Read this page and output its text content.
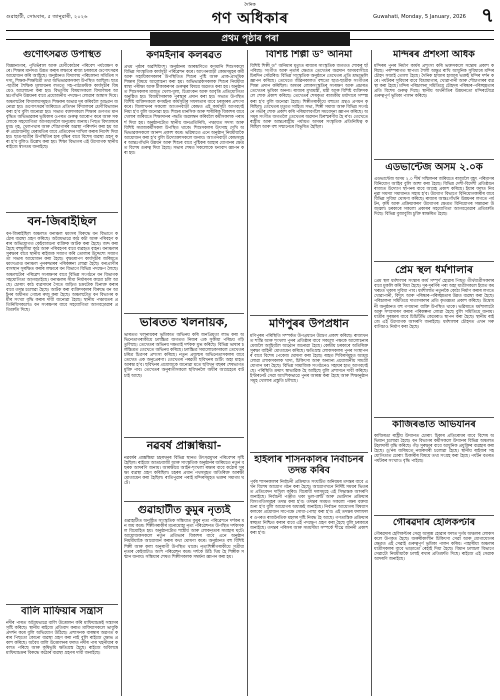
গুৱাহাটী, সোমবাৰ, ৫ জানুৱাৰী, ২০২৬
দৈনিক
গণ অধিকাৰ	Guwahati, Monday, 5 January, 2026 ৭
প্ৰথম পৃষ্ঠাৰ পৰা
গুণোৎসৱত উপস্থিত
বিজ্ঞানাগাৰ, পুথিভঁৰাল আৰু শ্ৰেণীকোঠাৰ পৰিবেশ পৰ্যবেক্ষণ কৰে। শিক্ষাৰ মানদণ্ড উন্নত কৰাৰ লক্ষ্যৰে ৰাজ্য চৰকাৰে গুণোৎসৱৰ আয়োজন কৰি আহিছে। অনুষ্ঠানত বিদ্যালয় পৰিচালনা সমিতিৰ সদস্য, শিক্ষক-শিক্ষয়িত্ৰী তথা অভিভাৱকসকল উপস্থিত আছিল। ছাত্ৰ-ছাত্ৰীৰ শৈক্ষিক মূল্যায়নৰ লগতে সহ-পাঠ্যক্ৰমিক কাৰ্যসূচীৰ বিষয়েও আলোচনা কৰা হয়। বিভাগীয় বিষয়াসকলে বিদ্যালয়ৰ আন্তঃগাঁথনি উন্নয়নৰ বাবে প্ৰয়োজনীয় পদক্ষেপ লোৱাৰ আশ্বাস দিয়ে। অঞ্চলটোৰ বিদ্যালয়সমূহত শিক্ষকৰ অভাৱ দূৰ কৰিবলৈ আহ্বান জনোৱা হয়। গুণোৎসৱৰ জৰিয়তে প্ৰতিখন বিদ্যালয়ৰ শ্ৰেণীবিভাজন কৰা হ'ব বুলি জনোৱা হয়। সভাত বক্তাসকলে শিক্ষাৰ গুণগত মান বৃদ্ধিত অভিভাৱকৰ ভূমিকাৰ ওপৰত গুৰুত্ব আৰোপ কৰে আৰু সকলোকে সহযোগিতা আগবঢ়াবলৈ অনুৰোধ জনায়। পিছত বিদ্যালয়ৰ মুধচ গৃহ, খেলপথাৰ আৰু শৌচাগাৰৰ অৱস্থা পৰিদৰ্শন কৰা হয় আৰু প্ৰয়োজনীয় মেৰামতিৰ বাবে প্ৰতিবেদন দাখিল কৰাৰ নিৰ্দেশ দিয়া হয়। ছাত্ৰ-ছাত্ৰীৰ উপস্থিতিৰ হাৰ বৃদ্ধিৰ বাবে বিশেষ ব্যৱস্থা গ্ৰহণ কৰা হ'ব বুলিও উল্লেখ কৰা হয়। শিক্ষা বিভাগৰ এই উদ্যোগক স্থানীয় ৰাইজে স্বাগতম জনাইছে।
বন-জিৰাইছিল
বন-জিৰাইছিল অঞ্চলত বনাঞ্চল ধ্বংসৰ বিৰুদ্ধে বন বিভাগে কঠোৰ ব্যৱস্থা গ্ৰহণ কৰিছে। অবৈধভাৱে কাঠ কটা আৰু পৰিবহণ কৰাৰ অভিযোগত কেইবাজনো ব্যক্তিক আটক কৰা হৈছে। জব্দ কৰা হৈছে বহুমূলীয়া কাঠ আৰু পৰিবহণৰ বাবে ব্যৱহৃত বাহন। বনাঞ্চলৰ সুৰক্ষাৰ বাবে স্থানীয় ৰাইজক সজাগ কৰি তোলাৰ উদ্দেশ্যে সজাগতা সভাৰ আয়োজন কৰা হৈছে। বৃক্ষৰোপণ কাৰ্যসূচীৰ জৰিয়তে ধ্বংসপ্ৰাপ্ত বনাঞ্চল পুনৰুদ্ধাৰৰ পৰিকল্পনা লোৱা হৈছে। বন্যপ্ৰাণীৰ বাসস্থান সুৰক্ষিত কৰাৰ লক্ষ্যৰে বন বিভাগে বিভিন্ন পদক্ষেপ লৈছে। অঞ্চলটোৰ পৰিৱেশ সংৰক্ষণৰ বাবে বিভিন্ন সংগঠনে বন বিভাগক সহযোগিতা আগবঢ়াইছে। বনাঞ্চলৰ সীমা নিৰ্ধাৰণৰ কামো চলি আছে। চোৰাং কাঠ ব্যৱসায়ৰ সৈতে জড়িত চক্ৰটোক চিনাক্ত কৰাৰ বাবে তদন্ত চলোৱা হৈছে। আটক কৰা ব্যক্তিসকলৰ বিৰুদ্ধে বন আইনৰ অধীনত গোচৰ ৰুজু কৰা হৈছে। অঞ্চলটোত বন বিভাগৰ কৰ্মীৰ সংখ্যা বৃদ্ধি কৰাৰ দাবী জনোৱা হৈছে। স্থানীয় পঞ্চায়তৰ প্ৰতিনিধিসকলেও বন সংৰক্ষণৰ বাবে সহযোগিতা আগবঢ়োৱাৰ প্ৰতিশ্ৰুতি দিছে।
বালি মাফিয়াৰ সন্ত্ৰাস
নদীৰ পাৰত অবৈধভাৱে বালি উত্তোলন কৰি মাফিয়াচক্ৰই সন্ত্ৰাসৰ সৃষ্টি কৰিছে। স্থানীয় ৰাইজে প্ৰতিবাদ কৰাত মাফিয়াসকলে ভাবুকি প্ৰদৰ্শন কৰে বুলি অভিযোগ উঠিছে। প্ৰশাসনক বাৰম্বাৰ অৱগত কৰাৰ পিছতো কোনো ব্যৱস্থা গ্ৰহণ কৰা নাই বুলি ৰাইজে ক্ষোভ প্ৰকাশ কৰিছে। অবৈধ বালি উত্তোলনৰ ফলত নদীৰ পাৰ খহনীয়াৰ কবলত পৰিছে আৰু কৃষিভূমি ক্ষতিগ্ৰস্ত হৈছে। ৰাইজে অবিলম্বে মাফিয়াচক্ৰৰ বিৰুদ্ধে কঠোৰ ব্যৱস্থা গ্ৰহণৰ দাবী জনাইছে।
কণমইনাৰ কলৰৱত
প্ৰথম পৃষ্ঠাৰ অৱশিষ্টাংশ। অনুষ্ঠানৰ আৰম্ভণিতে কণমানি শিশুসকলে বিভিন্ন সাংস্কৃতিক কাৰ্যসূচী পৰিৱেশন কৰে। আংগনবাড়ী কেন্দ্ৰসমূহৰ কৰ্মী আৰু সহায়িকাসকলৰ উপস্থিতিত শিশুৰ পুষ্টি আৰু প্ৰাক-প্ৰাথমিক শিক্ষাৰ বিষয়ে আলোচনা কৰা হয়। অভিভাৱকসকলক শিশুৰ নিয়মীয়া স্বাস্থ্য পৰীক্ষা আৰু টীকাকৰণৰ গুৰুত্বৰ বিষয়ে অৱগত কৰা হয়। অনুষ্ঠানত শিশুসকলৰ মাজত খেলা-ধূলা, চিত্ৰাংকন আৰু আবৃত্তি প্ৰতিযোগিতা অনুষ্ঠিত হয়। বিজয়ীসকলক পুৰস্কাৰ প্ৰদান কৰা হয়। সভাত উপস্থিত বিশিষ্ট ব্যক্তিসকলে কণমইনা কাৰ্যসূচীৰ সফলতাৰ বাবে চৰকাৰৰ প্ৰশংসা কৰে। জিলাখনৰ সকলো আংগনবাড়ী কেন্দ্ৰত এই কাৰ্যসূচী আগবঢ়াই নিয়া হ'ব বুলি জনোৱা হয়। শিশুৰ মানসিক আৰু শাৰীৰিক বিকাশৰ বাবে খেলাৰ জৰিয়তে শিক্ষাদানৰ পদ্ধতি অৱলম্বন কৰিবলৈ কৰ্মীসকলক পৰামৰ্শ দিয়া হয়। অনুষ্ঠানটোত স্থানীয় জনপ্ৰতিনিধি, পঞ্চায়ত সদস্য আৰু বিশিষ্ট সমাজকৰ্মীসকল উপস্থিত থাকে। শিশুসকলৰ উৎসাহ দেখি অভিভাৱকসকলে আনন্দ প্ৰকাশ কৰে। ভৱিষ্যতে এনে অনুষ্ঠান নিয়মীয়াকৈ আয়োজন কৰা হ'ব বুলি উদ্যোক্তাসকলে জনায়। আংগনবাড়ী কেন্দ্ৰসমূহৰ আন্তঃগাঁথনি উন্নয়ন আৰু শিশুৰ বাবে পুষ্টিকৰ আহাৰ যোগানৰ ক্ষেত্ৰত বিশেষ গুৰুত্ব দিয়া হৈছে। সভাৰ শেষত সকলোকে ধন্যবাদ জ্ঞাপন কৰা হয়।
ভাৰতত খলনায়ক,
ভাৰতত খলনায়কৰ ভূমিকাত অভিনয় কৰি জনপ্ৰিয়তা লাভ কৰা অভিনেতাগৰাকীয়ে চলচ্চিত্ৰ জগতত নিজৰ এক সুকীয়া পৰিচয় গঢ়ি তুলিছে। তেখেতৰ অভিনয় দক্ষতাই দৰ্শকক মুগ্ধ কৰিছে। বিভিন্ন ভাষাৰ চলচ্চিত্ৰত তেখেতে অভিনয় কৰিছে। চলচ্চিত্ৰ সমালোচকসকলে তেখেতৰ চৰিত্ৰ চিত্ৰণৰ প্ৰশংসা কৰিছে। নতুন প্ৰজন্মৰ অভিনেতাসকলৰ বাবে তেখেত এক অনুপ্ৰেৰণা। তেখেতৰ পৰৱৰ্তী ছবিখনৰ শুটিং অহা মাহত আৰম্ভ হ'ব। ছবিখনৰ প্ৰযোজকে জনোৱা মতে ছবিখন বছৰৰ শেষভাগত মুক্তি পাব। তেখেতৰ অনুৰাগীসকলে ছবিখনলৈ অধীৰ আগ্ৰহেৰে বাট চাই আছে।
নৱবৰ্ষ প্ৰাক্সন্ধিয়া-
নৱবৰ্ষৰ প্ৰাক্সন্ধিয়া চহৰখনৰ বিভিন্ন স্থানত উৎসৱমুখৰ পৰিবেশৰ সৃষ্টি হৈছিল। ৰাইজে আতচবাজী আৰু সাংস্কৃতিক অনুষ্ঠানৰ জৰিয়তে নতুন বছৰক আদৰণি জনায়। আৰক্ষীয়ে আইন-শৃংখলা ৰক্ষাৰ বাবে কঠোৰ সুৰক্ষা ব্যৱস্থা গ্ৰহণ কৰিছিল। চহৰৰ প্ৰধান পথসমূহত অতিৰিক্ত আৰক্ষী মোতায়েন কৰা হৈছিল। ৰাতিপুৱাৰ পৰাই মন্দিৰসমূহত ভক্তৰ সমাগম ঘটে।
গুৱাহাটীত কুমুৰ নৃত্যই
গুৱাহাটীত অনুষ্ঠিত সাংস্কৃতিক সন্ধিয়াত কুমুৰ নৃত্য পৰিৱেশনে দৰ্শকৰ মন জয় কৰে। শিল্পীগৰাকীৰ মনোমোহা নৃত্য পৰিৱেশনত উপস্থিত দৰ্শকসকল বিমোহিত হয়। অনুষ্ঠানটোত শাস্ত্ৰীয় আৰু লোকনৃত্যৰ সমাহাৰ ঘটে। আয়োজকসকলে নতুন প্ৰতিভাৰ বিকাশৰ বাবে এনে অনুষ্ঠান নিয়মীয়াকৈ আয়োজন কৰাৰ কথা ঘোষণা কৰে। অনুষ্ঠানত বহু বিশিষ্ট শিল্পী আৰু কলা অনুৰাগী উপস্থিত থাকে। নৃত্যশিল্পীগৰাকীয়ে সত্ৰীয়া নৃত্যৰ কেইবাটাও অংশ পৰিৱেশন কৰে। দৰ্শকে উঠি থিয় হৈ শিল্পীক সন্মান জনায়। সন্ধিয়াৰ শেষত শিল্পীসকলক সম্বৰ্ধনা জ্ঞাপন কৰা হয়।
বিশিষ্ট শিল্পী ড° অনিমা
বিশিষ্ট শিল্পী ড° অনিমাৰ মৃত্যুত ৰাজ্যৰ সাংস্কৃতিক জগতত শোকৰ ছাঁ পৰিছে। সংগীত আৰু নৃত্যৰ ক্ষেত্ৰত তেখেতৰ অৱদান অসমবাসীয়ে চিৰদিন সোঁৱৰিব। বিভিন্ন সাংস্কৃতিক অনুষ্ঠানে তেখেতৰ প্ৰতি শ্ৰদ্ধাঞ্জলি জ্ঞাপন কৰিছে। তেখেতে জীৱনকালত বহুতো ছাত্ৰ-ছাত্ৰীক সংগীতৰ শিক্ষা প্ৰদান কৰিছিল। অসমৰ লোকসংস্কৃতিৰ সংৰক্ষণ আৰু প্ৰচাৰত তেখেতৰ ভূমিকা অনন্য। ৰাজ্যৰ মুখ্যমন্ত্ৰী, মন্ত্ৰী আৰু বিশিষ্ট ব্যক্তিসকলে শোক প্ৰকাশ কৰিছে। তেখেতৰ শেষকৃত্য ৰাজকীয় মৰ্যাদাৰে সম্পন্ন কৰা হ'ব বুলি জনোৱা হৈছে। শিল্পীগৰাকীয়ে বহুতো গ্ৰন্থও প্ৰণয়ন কৰিছিল। তেখেতৰ মৃত্যুত সাহিত্য সভা, শিল্পী সমাজ আৰু বিভিন্ন সংগঠনে গভীৰ শোক প্ৰকাশ কৰি পৰিয়ালবৰ্গলৈ সমবেদনা জ্ঞাপন কৰিছে। অসমৰ সংগীত জগতলৈ তেখেতৰ অৱদান চিৰস্মৰণীয় হৈ ৰ'ব। তেখেতে ৰাষ্ট্ৰীয় আৰু আন্তঃৰাষ্ট্ৰীয় পৰ্যায়ত অসমৰ সংস্কৃতিক প্ৰতিনিধিত্ব কৰিছিল আৰু বহু সন্মানেৰে বিভূষিত হৈছিল।
মণিপুৰৰ উপপ্ৰধান
মণিপুৰৰ পৰিস্থিতি সম্পৰ্কত উপপ্ৰধানে উদ্বেগ প্ৰকাশ কৰিছে। ৰাজ্যখনত শান্তি আৰু শৃংখলা পুনৰ প্ৰতিষ্ঠাৰ বাবে সকলো পক্ষকে আলোচনাৰ মেজলৈ আহিবলৈ আহ্বান জনোৱা হৈছে। কেন্দ্ৰীয় চৰকাৰে অতিৰিক্ত সুৰক্ষা বাহিনী মোতায়েন কৰিছে। ক্ষতিগ্ৰস্ত লোকসকলৰ পুনৰ সংস্থাপনৰ বাবে বিশেষ পেকেজ ঘোষণা কৰা হৈছে। ৰাহত শিবিৰসমূহত আশ্ৰয় লোৱা লোকসকলক খাদ্য, চিকিৎসা আৰু অন্যান্য প্ৰয়োজনীয় সামগ্ৰী যোগান ধৰা হৈছে। বিভিন্ন সামাজিক সংগঠনেও সহায়ৰ হাত আগবঢ়াইছে। পৰিস্থিতি ক্ৰমাৎ স্বাভাৱিক হৈ আহিছে বুলি প্ৰশাসনে দাবী কৰিছে। ইণ্টাৰনেট সেৱা আংশিকভাৱে পুনৰ আৰম্ভ কৰা হৈছে আৰু শিক্ষানুষ্ঠানসমূহ খোলাৰ প্ৰস্তুতি চলিছে।
হাইলাৰ শাসনকালৰ নিৰ্বাচনৰ তদন্ত কৰিব
পূৰ্বৰ শাসনকালৰ নিৰ্বাচনী প্ৰক্ৰিয়াত সংঘটিত অনিয়মৰ তদন্তৰ বাবে এখন বিশেষ আয়োগ গঠন কৰা হৈছে। আয়োগখনে নিৰ্দিষ্ট সময়ৰ ভিতৰত প্ৰতিবেদন দাখিল কৰিব। বিৰোধী দলসমূহে এই সিদ্ধান্তক আদৰণি জনাইছে। নিৰ্বাচনী পঞ্জীত থকা ভুল-ত্ৰুটি আৰু ভোটদান প্ৰক্ৰিয়াৰ বিসংগতিসমূহৰ তদন্ত কৰা হ'ব। তদন্তৰ সময়ত সকলো পক্ষৰ বক্তব্য শুনা হ'ব বুলি আয়োগৰ অধ্যক্ষই জনাইছে। নিৰ্বাচন আয়োগৰ বিষয়াসকলকো প্ৰয়োজন সাপেক্ষে সোধা-পোছা কৰা হ'ব। এই তদন্তৰ ফলাফলৰ ওপৰত ৰাজনৈতিক মহলৰ দৃষ্টি নিবদ্ধ হৈ আছে। গণতান্ত্ৰিক প্ৰক্ৰিয়াৰ স্বচ্ছতা নিশ্চিত কৰাৰ বাবে এই পদক্ষেপ গ্ৰহণ কৰা হৈছে বুলি চৰকাৰে জনাইছে। তদন্তৰ পৰিসৰ আৰু সময়সীমা সম্পৰ্কে শীঘ্ৰে জাননী প্ৰকাশ কৰা হ'ব।
মন্দিৰৰ প্ৰশংসা অধিক
মন্দিৰৰ পুনৰ নিৰ্মাণ কাৰ্যৰ প্ৰশংসা কৰি ভক্তসকলে সন্তোষ প্ৰকাশ কৰিছে। পৰম্পৰাগত স্থাপত্য শৈলী অক্ষুণ্ণ ৰাখি আধুনিক সুবিধাৰে মন্দিৰ চৌহদ সজাই তোলা হৈছে। দৈনিক হাজাৰ হাজাৰ ভক্তই মন্দিৰ দৰ্শন কৰে। পৰ্যটকৰ সুবিধাৰ বাবে বিশ্ৰামাগাৰ, খোৱাপানী আৰু শৌচাগাৰৰ ব্যৱস্থা কৰা হৈছে। মন্দিৰ পৰিচালনা সমিতিয়ে চৌহদৰ পৰিষ্কাৰ-পৰিচ্ছন্নতাৰ প্ৰতি বিশেষ গুৰুত্ব দিছে। স্থানীয় অৰ্থনীতিৰ উন্নয়নতো মন্দিৰটোৱে গুৰুত্বপূৰ্ণ ভূমিকা পালন কৰিছে।
এডভান্টেজ অসম ২.০ক
এডভান্টেজ অসম ২.০ শীৰ্ষ সন্মিলনৰ জৰিয়তে ৰাজ্যলৈ বৃহৎ পৰিমাণৰ বিনিয়োগ আহিব বুলি আশা কৰা হৈছে। বিভিন্ন দেশী-বিদেশী প্ৰতিষ্ঠানে ৰাজ্যত উদ্যোগ স্থাপনৰ বাবে আগ্ৰহ প্ৰকাশ কৰিছে। ইয়াৰ ফলত নিবনুৱা সমস্যা সমাধানত সহায় হ'ব। উদ্যোগ বিভাগে বিনিয়োগকাৰীৰ বাবে বিভিন্ন সুবিধা ঘোষণা কৰিছে। ৰাজ্যৰ আন্তঃগাঁথনি উন্নয়নৰ লগতে পৰ্যটন, কৃষি আৰু প্ৰক্ৰিয়াকৰণ উদ্যোগৰ ক্ষেত্ৰত বিনিয়োগৰ সম্ভাৱনা উজ্জ্বল। চৰকাৰে সকলো প্ৰকাৰৰ সহযোগিতা আগবঢ়োৱাৰ প্ৰতিশ্ৰুতি দিছে। বিভিন্ন বুজাবুজি চুক্তি স্বাক্ষৰিত হৈছে।
প্ৰেম স্থল ধৰ্মশালাৰ
প্ৰেম স্থল ধৰ্মশালাৰ সংস্কাৰ কাৰ্য সম্পূৰ্ণ হোৱাৰ পিছত তীৰ্থযাত্ৰীসকলৰ বাবে মুকলি কৰি দিয়া হৈছে। দূৰ-দূৰণিৰ পৰা অহা যাত্ৰীসকলে ইয়াত কম খৰচত থকাৰ সুবিধা পাব। ধৰ্মশালাত নতুনকৈ কোঠা নিৰ্মাণ কৰাৰ লগতে খোৱাপানী, বিদ্যুৎ আৰু পৰিষ্কাৰ-পৰিচ্ছন্নতাৰ উন্নত ব্যৱস্থা কৰা হৈছে। পৰিচালনা সমিতিয়ে দাতাসকলৰ প্ৰতি কৃতজ্ঞতা প্ৰকাশ কৰিছে। উদ্বোধনী অনুষ্ঠানত বহু গণ্যমান্য ব্যক্তি উপস্থিত থাকে। ভৱিষ্যতে ধৰ্মশালাটো আৰু সম্প্ৰসাৰণ কৰাৰ পৰিকল্পনা লোৱা হৈছে বুলি সমিতিয়ে জনায়। যাত্ৰীৰ সুৰক্ষাৰ বাবে চিচিটিভি কেমেৰাও স্থাপন কৰা হৈছে। স্থানীয় ৰাইজে এই উদ্যোগক আদৰণি জনাইছে। ধৰ্মশালাৰ চৌহদত এখন সৰু বাগিচাও নিৰ্মাণ কৰা হৈছে।
কাজিৰঙাত অভিযানৰ
কাজিৰঙা ৰাষ্ট্ৰীয় উদ্যানত চোৰাং চিকাৰ প্ৰতিৰোধৰ বাবে বিশেষ অভিযান চলোৱা হৈছে। বন বিভাগৰ কৰ্মীসকলে উদ্যানৰ বিভিন্ন অঞ্চলত টহলদাৰী বৃদ্ধি কৰিছে। গঁড় সুৰক্ষাৰ বাবে আধুনিক প্ৰযুক্তিৰ ব্যৱহাৰ কৰা হৈছে। ড্ৰ'নৰ জৰিয়তে নজৰদাৰী চলোৱা হৈছে। স্থানীয় ৰাইজৰ সহযোগিতাত চোৰাং চিকাৰীৰ বিষয়ে তথ্য সংগ্ৰহ কৰা হৈছে। পৰ্যটন বতৰত পৰ্যটকৰ সংখ্যাও বৃদ্ধি পাইছে।
গৌৰৱদাৰ হেলিকপ্টাৰ
গৌৰৱদাৰ হেলিকপ্টাৰ সেৱা আৰম্ভ হোৱাৰ ফলত দুৰ্গম অঞ্চলৰ লোকসকলে উপকৃত হৈছে। জৰুৰীকালীন চিকিৎসা সেৱা আৰু যোগাযোগৰ ক্ষেত্ৰত এই সেৱাই গুৰুত্বপূৰ্ণ ভূমিকা পালন কৰিব। পাহাৰীয়া অঞ্চলৰ যাত্ৰীসকলৰ বাবে ভাড়াতো ৰেহাই দিয়া হৈছে। বিমান চলাচল বিভাগে সেৱাটো নিয়মীয়াকৈ চলাই ৰখাৰ প্ৰতিশ্ৰুতি দিছে। ৰাইজে এই সেৱাক আদৰণি জনাইছে।
